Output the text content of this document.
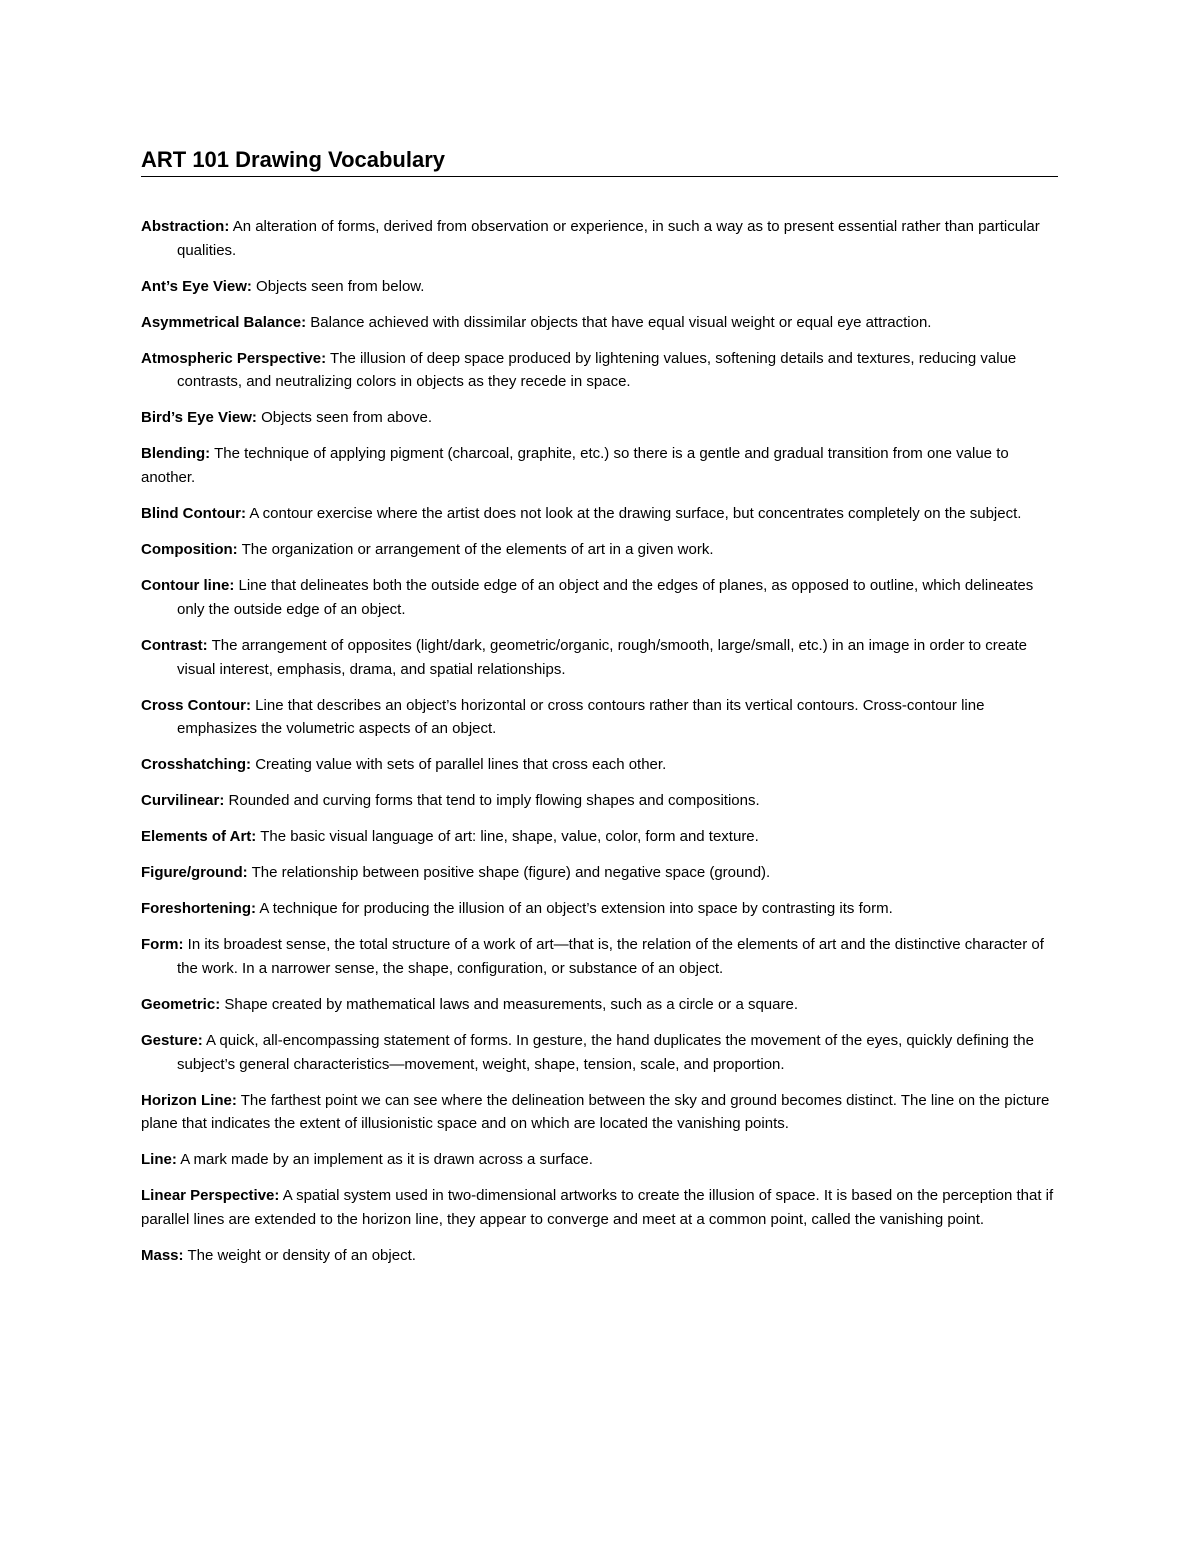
ART 101 Drawing Vocabulary

Abstraction: An alteration of forms, derived from observation or experience, in such a way as to present essential rather than particular qualities.

Ant’s Eye View: Objects seen from below.

Asymmetrical Balance: Balance achieved with dissimilar objects that have equal visual weight or equal eye attraction.

Atmospheric Perspective: The illusion of deep space produced by lightening values, softening details and textures, reducing value contrasts, and neutralizing colors in objects as they recede in space.

Bird’s Eye View: Objects seen from above.

Blending: The technique of applying pigment (charcoal, graphite, etc.) so there is a gentle and gradual transition from one value to another.

Blind Contour: A contour exercise where the artist does not look at the drawing surface, but concentrates completely on the subject.

Composition: The organization or arrangement of the elements of art in a given work.

Contour line: Line that delineates both the outside edge of an object and the edges of planes, as opposed to outline, which delineates only the outside edge of an object.

Contrast: The arrangement of opposites (light/dark, geometric/organic, rough/smooth, large/small, etc.) in an image in order to create visual interest, emphasis, drama, and spatial relationships.

Cross Contour: Line that describes an object’s horizontal or cross contours rather than its vertical contours. Cross-contour line emphasizes the volumetric aspects of an object.

Crosshatching: Creating value with sets of parallel lines that cross each other.

Curvilinear: Rounded and curving forms that tend to imply flowing shapes and compositions.

Elements of Art: The basic visual language of art: line, shape, value, color, form and texture.

Figure/ground: The relationship between positive shape (figure) and negative space (ground).

Foreshortening: A technique for producing the illusion of an object’s extension into space by contrasting its form.

Form: In its broadest sense, the total structure of a work of art—that is, the relation of the elements of art and the distinctive character of the work. In a narrower sense, the shape, configuration, or substance of an object.

Geometric: Shape created by mathematical laws and measurements, such as a circle or a square.

Gesture: A quick, all-encompassing statement of forms. In gesture, the hand duplicates the movement of the eyes, quickly defining the subject’s general characteristics—movement, weight, shape, tension, scale, and proportion.

Horizon Line: The farthest point we can see where the delineation between the sky and ground becomes distinct. The line on the picture plane that indicates the extent of illusionistic space and on which are located the vanishing points.

Line: A mark made by an implement as it is drawn across a surface.

Linear Perspective: A spatial system used in two-dimensional artworks to create the illusion of space. It is based on the perception that if parallel lines are extended to the horizon line, they appear to converge and meet at a common point, called the vanishing point.

Mass: The weight or density of an object.
